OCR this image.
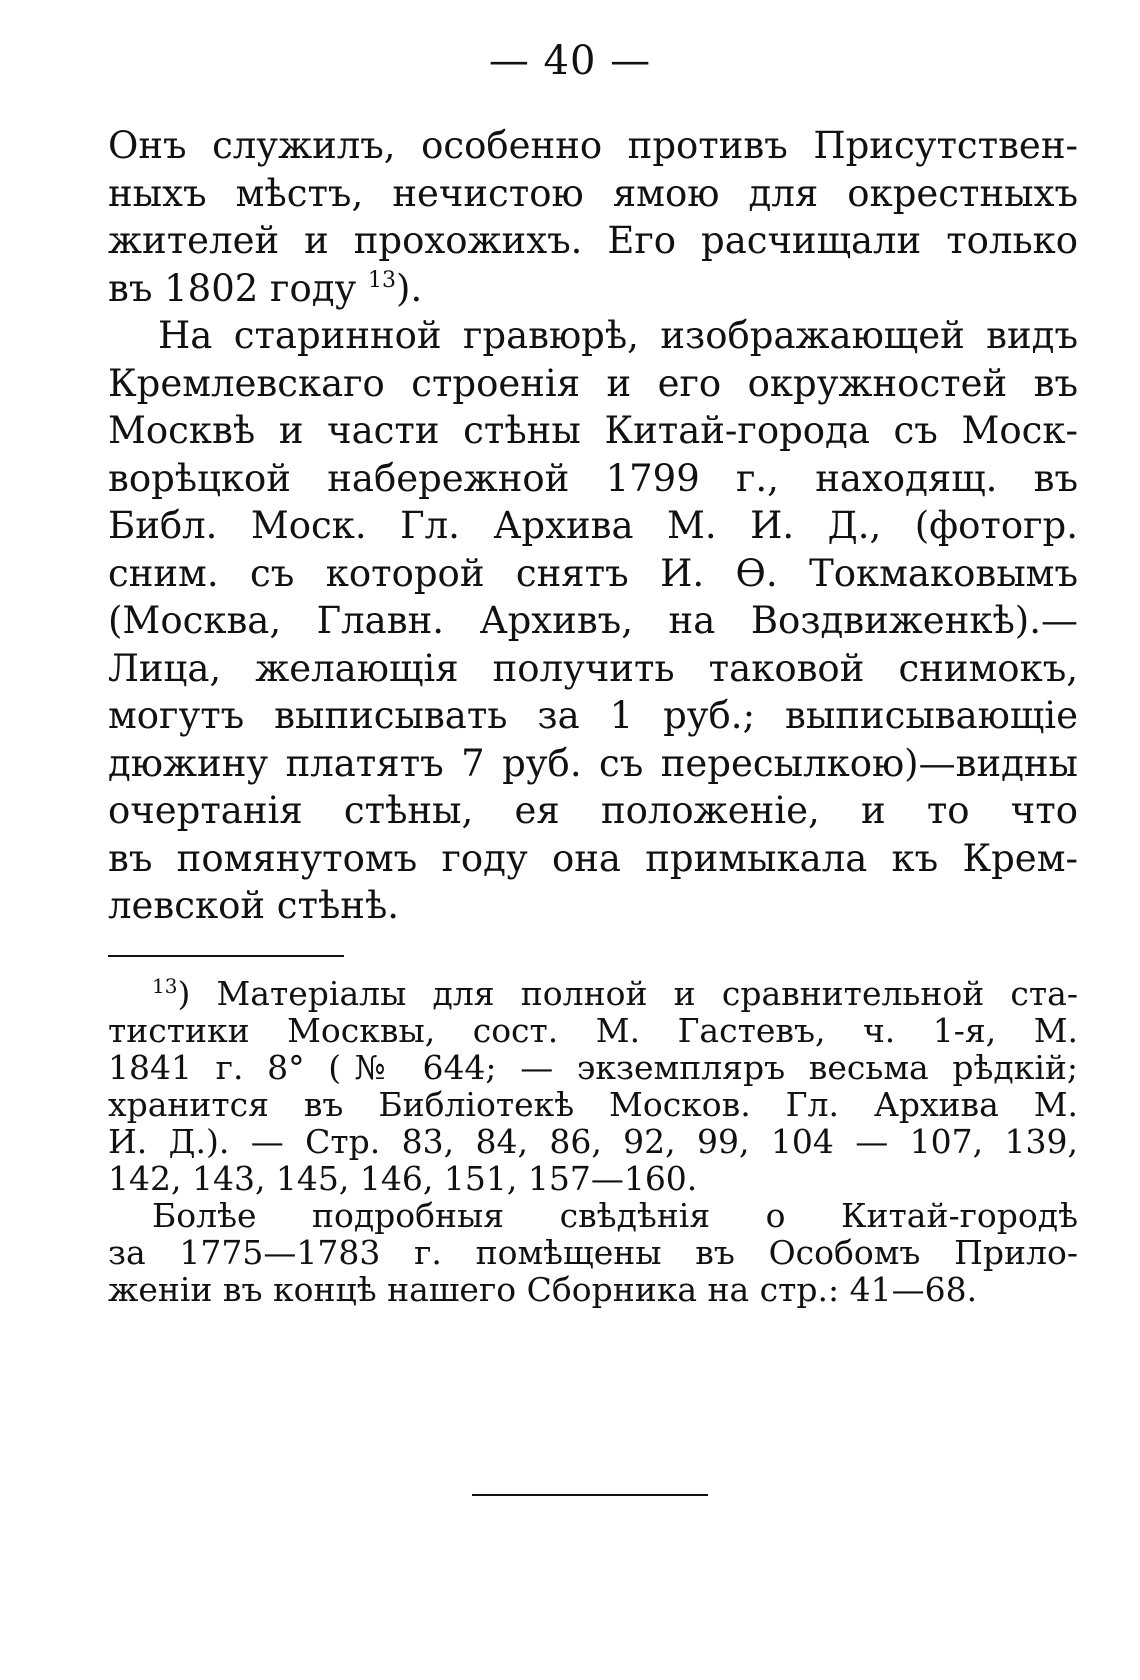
— 40 —
Онъ служилъ, особенно противъ Присутствен-
ныхъ мѣстъ, нечистою ямою для окрестныхъ
жителей и прохожихъ. Его расчищали только
въ 1802 году $^{13}$).
На старинной гравюрѣ, изображающей видъ
Кремлевскаго строенія и его окружностей въ
Москвѣ и части стѣны Китай-города съ Моск-
ворѣцкой набережной 1799 г., находящ. въ
Библ. Моск. Гл. Архива М. И. Д., (фотогр.
сним. съ которой снятъ И. Ѳ. Токмаковымъ
(Москва, Главн. Архивъ, на Воздвиженкѣ).—
Лица, желающія получить таковой снимокъ,
могутъ выписывать за 1 руб.; выписывающіе
дюжину платятъ 7 руб. съ пересылкою)—видны
очертанія стѣны, ея положеніе, и то что
въ помянутомъ году она примыкала къ Крем-
левской стѣнѣ.
$^{13}$) Матеріалы для полной и сравнительной ста-
тистики Москвы, сост. М. Гастевъ, ч. 1-я, М.
1841 г. 8° (№ 644; — экземпляръ весьма рѣдкій;
хранится въ Библіотекѣ Москов. Гл. Архива М.
И. Д.). — Стр. 83, 84, 86, 92, 99, 104 — 107, 139,
142, 143, 145, 146, 151, 157—160.
Болѣе подробныя свѣдѣнія о Китай-городѣ
за 1775—1783 г. помѣщены въ Особомъ Прило-
женіи въ концѣ нашего Сборника на стр.: 41—68.
